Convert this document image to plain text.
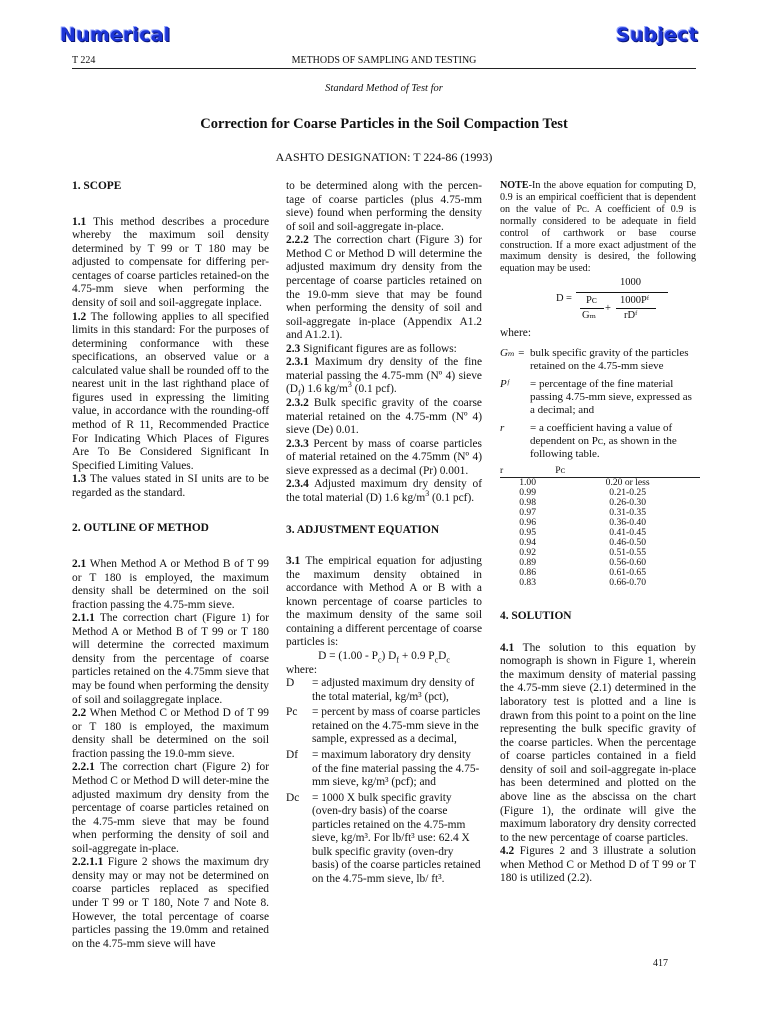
Numerical	Subject
T 224	METHODS OF SAMPLING AND TESTING
Standard Method of Test for
Correction for Coarse Particles in the Soil Compaction Test
AASHTO DESIGNATION: T 224-86 (1993)

1. SCOPE

1.1 This method describes a procedure whereby the maximum soil density determined by T 99 or T 180 may be adjusted to compensate for differing per-centages of coarse particles retained-on the 4.75-mm sieve when performing the density of soil and soil-aggregate inplace.

1.2 The following applies to all specified limits in this standard: For the purposes of determining conformance with these specifications, an observed value or a calculated value shall be rounded off to the nearest unit in the last righthand place of figures used in expressing the limiting value, in accordance with the rounding-off method of R 11, Recommended Practice For Indicating Which Places of Figures Are To Be Considered Significant In Specified Limiting Values.

1.3 The values stated in SI units are to be regarded as the standard.

2. OUTLINE OF METHOD

2.1 When Method A or Method B of T 99 or T 180 is employed, the maximum density shall be determined on the soil fraction passing the 4.75-mm sieve.

2.1.1 The correction chart (Figure 1) for Method A or Method B of T 99 or T 180 will determine the corrected maximum density from the percentage of coarse particles retained on the 4.75mm sieve that may be found when performing the density of soil and soilaggregate inplace.

2.2 When Method C or Method D of T 99 or T 180 is employed, the maximum density shall be determined on the soil fraction passing the 19.0-mm sieve.

2.2.1 The correction chart (Figure 2) for Method C or Method D will deter-mine the adjusted maximum dry density from the percentage of coarse particles retained on the 4.75-mm sieve that may be found when performing the density of soil and soil-aggregate in-place.

2.2.1.1 Figure 2 shows the maximum dry density may or may not be determined on coarse particles replaced as specified under T 99 or T 180, Note 7 and Note 8. However, the total percentage of coarse particles passing the 19.0mm and retained on the 4.75-mm sieve will have

to be determined along with the percen-tage of coarse particles (plus 4.75-mm sieve) found when performing the density of soil and soil-aggregate in-place.

2.2.2 The correction chart (Figure 3) for Method C or Method D will determine the adjusted maximum dry density from the percentage of coarse particles retained on the 19.0-mm sieve that may be found when performing the density of soil and soil-aggregate in-place (Appendix A1.2 and A1.2.1).

2.3 Significant figures are as follows:

2.3.1 Maximum dry density of the fine material passing the 4.75-mm (Nº 4) sieve $(D_f)$ 1.6 $kg/m^3$ (0.1 pcf).

2.3.2 Bulk specific gravity of the coarse material retained on the 4.75-mm (Nº 4) sieve (De) 0.01.

2.3.3 Percent by mass of coarse particles of material retained on the 4.75mm (Nº 4) sieve expressed as a decimal (Pr) 0.001.

2.3.4 Adjusted maximum dry density of the total material (D) 1.6 $kg/m^3$ (0.1 pcf).

3. ADJUSTMENT EQUATION

3.1 The empirical equation for adjusting the maximum density obtained in accordance with Method A or B with a known percentage of coarse particles to the maximum density of the same soil containing a different percentage of coarse particles is:

$D = (1.00 - P_c)$ $D_f + 0.9$ $P_cD_c$

where:

D	= adjusted maximum dry density of the total material, kg/m³ (pct),
Pc	= percent by mass of coarse particles retained on the 4.75-mm sieve in the sample, expressed as a decimal,
Df	= maximum laboratory dry density of the fine material passing the 4.75-mm sieve, kg/m³ (pcf); and
Dc	= 1000 X bulk specific gravity (oven-dry basis) of the coarse particles retained on the 4.75-mm sieve, kg/m³. For lb/ft³ use: 62.4 X bulk specific gravity (oven-dry basis) of the coarse particles retained on the 4.75-mm sieve, lb/ ft³.

NOTE-In the above equation for computing D, 0.9 is an empirical coefficient that is dependent on the value of Pᴄ. A coefficient of 0.9 is normally considered to be adequate in field control of carthwork or base course construction. If a more exact adjustment of the maximum density is desired, the following equation may be used:

D =
1000
Pᴄ
+
1000Pᶠ
Gₘ	rDᶠ

where:

Gₘ = bulk specific gravity of the particles retained on the 4.75-mm sieve
Pᶠ	= percentage of the fine material passing 4.75-mm sieve, expressed as a decimal; and
r	= a coefficient having a value of dependent on Pᴄ, as shown in the following table.
r	Pᴄ
1.00	0.20 or less
0.99	0.21-0.25
0.98	0.26-0.30
0.97	0.31-0.35
0.96	0.36-0.40
0.95	0.41-0.45
0.94	0.46-0.50
0.92	0.51-0.55
0.89	0.56-0.60
0.86	0.61-0.65
0.83	0.66-0.70

4. SOLUTION

4.1 The solution to this equation by nomograph is shown in Figure 1, wherein the maximum density of material passing the 4.75-mm sieve (2.1) determined in the laboratory test is plotted and a line is drawn from this point to a point on the line representing the bulk specific gravity of the coarse particles. When the percentage of coarse particles contained in a field density of soil and soil-aggregate in-place has been determined and plotted on the above line as the abscissa on the chart (Figure 1), the ordinate will give the maximum laboratory dry density corrected to the new percentage of coarse particles.

4.2 Figures 2 and 3 illustrate a solution when Method C or Method D of T 99 or T 180 is utilized (2.2).

417
